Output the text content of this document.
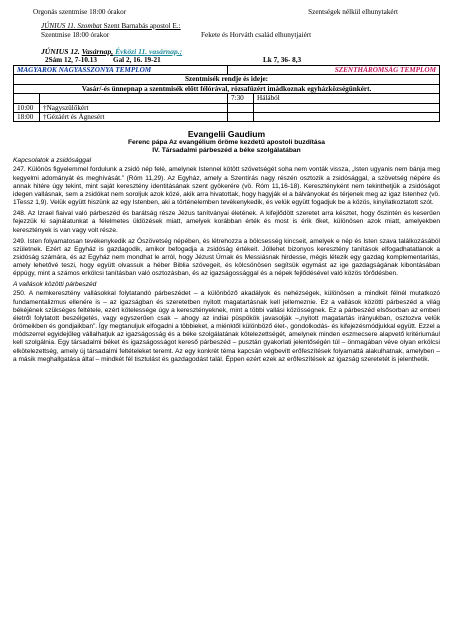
Orgonás szentmise 18:00 órakor	Szentségek nélkül elhunytakért
JÚNIUS 11. Szombat Szent Barnabás apostol E.:
Szentmise 18:00 órakor	Fekete és Horváth család elhunytjaiért
JÚNIUS 12. Vasárnap, Évközi 11. vasárnap.;
2Sám 12, 7-10.13	Gal 2, 16. 19-21	Lk 7, 36- 8,3
MAGYAROK NAGYASSZONYA TEMPLOM		SZENTHÁROMSÁG TEMPLOM	
Szentmisék rendje és ideje:			
Vasár/-és ünnepnap a szentmisék előtt félórával, rózsafüzért imádkoznak egyházközségünkért.			
		7:30	Hálából
10:00	†Nagyszülőkért		
18:00	†Gézáért és Ágnesért		
Evangelii Gaudium
Ferenc pápa Az evangélium öröme kezdetű apostoli buzdítása
IV. Társadalmi párbeszéd a béke szolgálatában
Kapcsolatok a zsidósággal

247. Különös figyelemmel fordulunk a zsidó nép felé, amelynek Istennel kötött szövetségét soha nem vonták vissza, „Isten ugyanis nem bánja meg kegyelmi adományát és meghívását.” (Róm 11,29). Az Egyház, amely a Szentírás nagy részén osztozik a zsidósággal, a szövetség népére és annak hitére úgy tekint, mint saját keresztény identitásának szent gyökerére (vö. Róm 11,16-18). Keresztényként nem tekinthetjük a zsidóságot idegen vallásnak, sem a zsidókat nem soroljuk azok közé, akik arra hivatottak, hogy hagyják el a bálványokat és térjenek meg az igaz Istenhez (vö. 1Tessz 1,9). Velük együtt hiszünk az egy Istenben, aki a történelemben tevékenykedik, és velük együtt fogadjuk be a közös, kinyilatkoztatott szót.

248. Az Izrael fiaival való párbeszéd és barátság része Jézus tanítványai életének. A kifejlődött szeretet arra késztet, hogy őszintén és keserűen fejezzük ki sajnálatunkat a félelmetes üldözések miatt, amelyek korábban érték és most is érik őket, különösen azok miatt, amelyekben keresztények is van vagy volt része.

249. Isten folyamatosan tevékenykedik az Ószövetség népében, és létrehozza a bölcsesség kincseit, amelyek e nép és Isten szava találkozásából születnek. Ezért az Egyház is gazdagodik, amikor befogadja a zsidóság értékeit. Jóllehet bizonyos keresztény tanítások elfogadhatatlanok a zsidóság számára, és az Egyház nem mondhat le arról, hogy Jézust Úrnak és Messiásnak hirdesse, mégis létezik egy gazdag komplementaritás, amely lehetővé teszi, hogy együtt olvassuk a héber Biblia szövegeit, és kölcsönösen segítsük egymást az ige gazdagságának kibontásában éppúgy, mint a számos erkölcsi tanításban való osztozásban, és az igazságossággal és a népek fejlődésével való közös törődésben.

A vallások közötti párbeszéd

250. A nemkeresztény vallásokkal folytatandó párbeszédet – a különböző akadályok és nehézségek, különösen a mindkét félnél mutatkozó fundamentalizmus ellenére is – az igazságban és szeretetben nyitott magatartásnak kell jellemeznie. Ez a vallások közötti párbeszéd a világ békéjének szükséges feltétele, ezért kötelessége úgy a keresztényeknek, mint a többi vallási közösségnek. Ez a párbeszéd elsősorban az emberi életről folytatott beszélgetés, vagy egyszerűen csak – ahogy az indiai püspökök javasolják –„nyitott magatartás irányukban, osztozva velük örömeikben és gondjaikban”. Így megtanuljuk elfogadni a többieket, a miénktől különböző élet-, gondolkodás- és kifejezésmódjukkal együtt. Ezzel a módszerrel egyidejűleg vállalhatjuk az igazságosság és a béke szolgálatának kötelezettségét, amelynek minden eszmecsere alapvető kritériumául kell szolgálnia. Egy társadalmi béket és igazságosságot kereső párbeszéd – pusztán gyakorlati jelentőségén túl – önmagában véve olyan erkölcsi elkötelezettség, amely új társadalmi feltételeket teremt. Az egy konkrét téma kapcsán végbevitt erőfeszítések folyamattá alakulhatnak, amelyben – a másik meghallgatása által – mindkét fél tisztulást és gazdagodást talál. Éppen ezért ezek az erőfeszítések az igazság szeretetét is jelenthetik.
